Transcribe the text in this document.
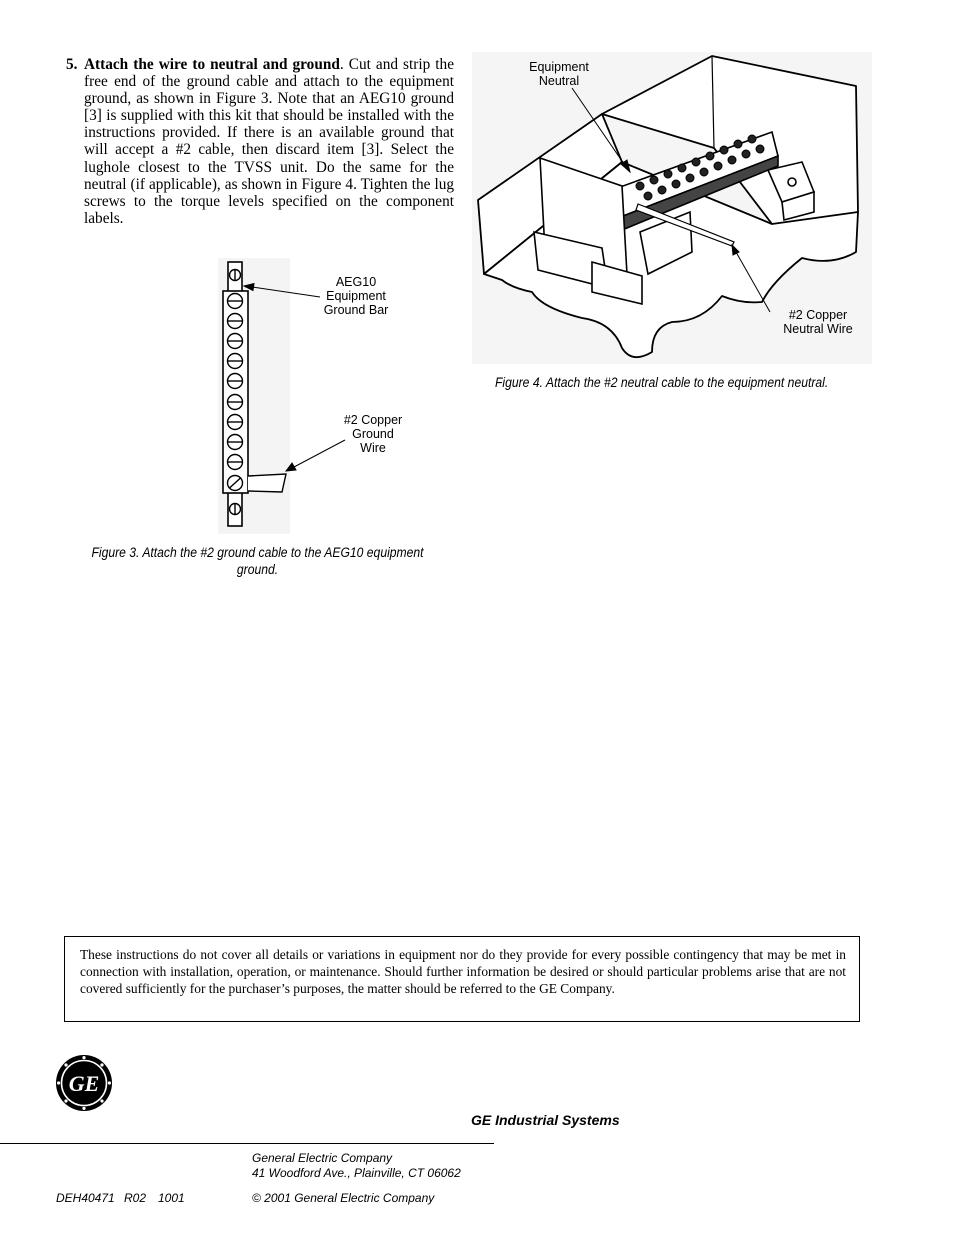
5. Attach the wire to neutral and ground. Cut and strip the free end of the ground cable and attach to the equipment ground, as shown in Figure 3. Note that an AEG10 ground [3] is supplied with this kit that should be installed with the instructions provided. If there is an available ground that will accept a #2 cable, then discard item [3]. Select the lughole closest to the TVSS unit. Do the same for the neutral (if applicable), as shown in Figure 4. Tighten the lug screws to the torque levels specified on the component labels.
AEG10
Equipment
Ground Bar
#2 Copper
Ground
Wire
Figure 3. Attach the #2 ground cable to the AEG10 equipment
ground.
Equipment
Neutral
#2 Copper
Neutral Wire
Figure 4. Attach the #2 neutral cable to the equipment neutral.

These instructions do not cover all details or variations in equipment nor do they provide for every possible contingency that may be met in connection with installation, operation, or maintenance. Should further information be desired or should particular problems arise that are not covered sufficiently for the purchaser’s purposes, the matter should be referred to the GE Company.

GE
GE Industrial Systems
General Electric Company
41 Woodford Ave., Plainville, CT 06062
DEH40471 R02 1001	© 2001 General Electric Company
